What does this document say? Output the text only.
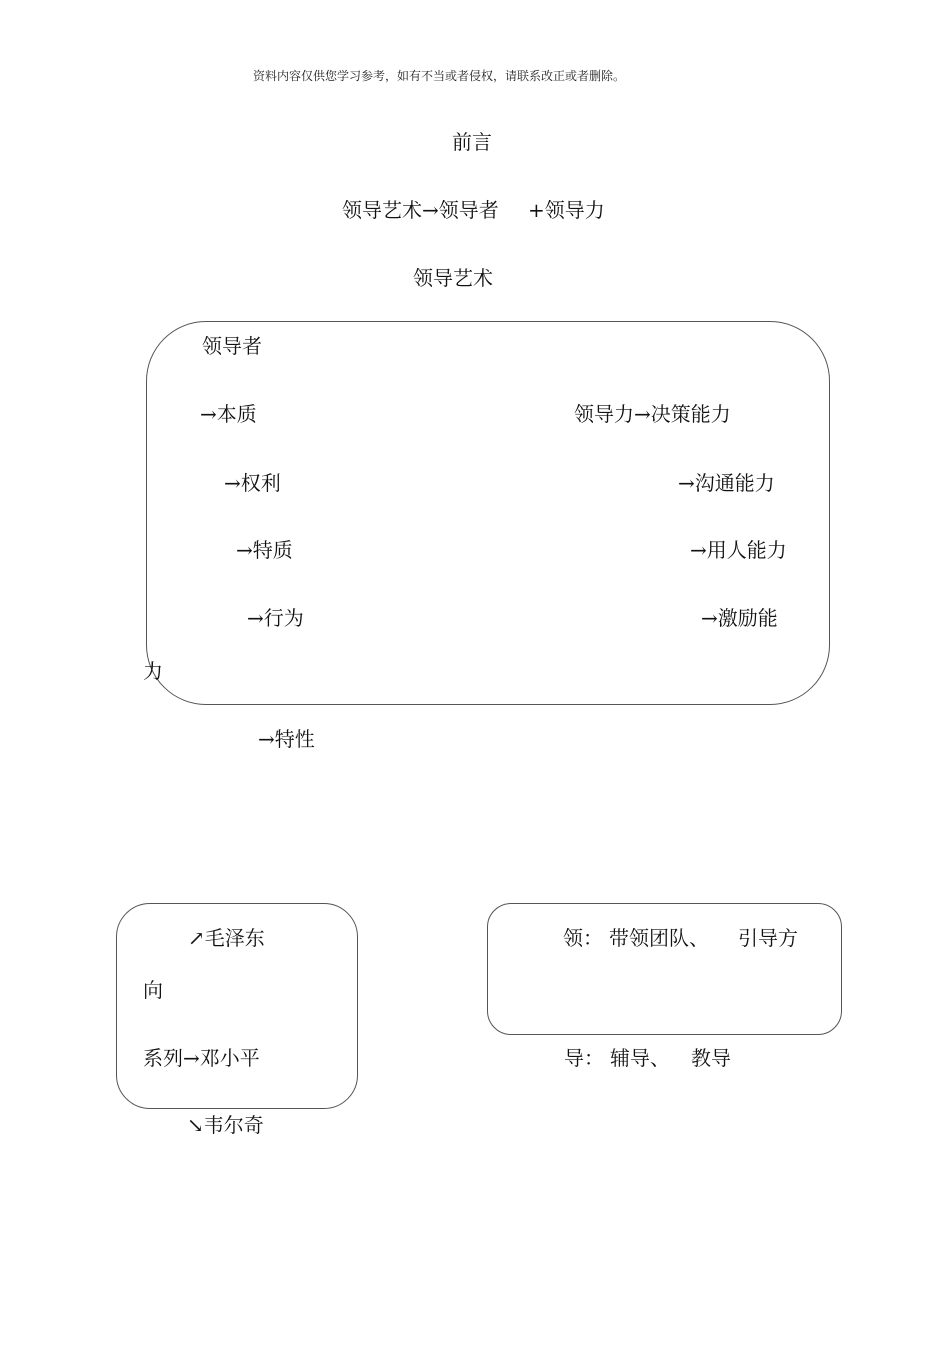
资料内容仅供您学习参考，如有不当或者侵权，请联系改正或者删除。
前言
领导艺术→领导者 +领导力
领导艺术
领导者
→本质
→权利
→特质
→行为
→特性
领导力→决策能力
→沟通能力
→用人能力
→激励能
力
↗毛泽东
向
系列→邓小平
↘韦尔奇
领： 带领团队、 引导方
导： 辅导、 教导
